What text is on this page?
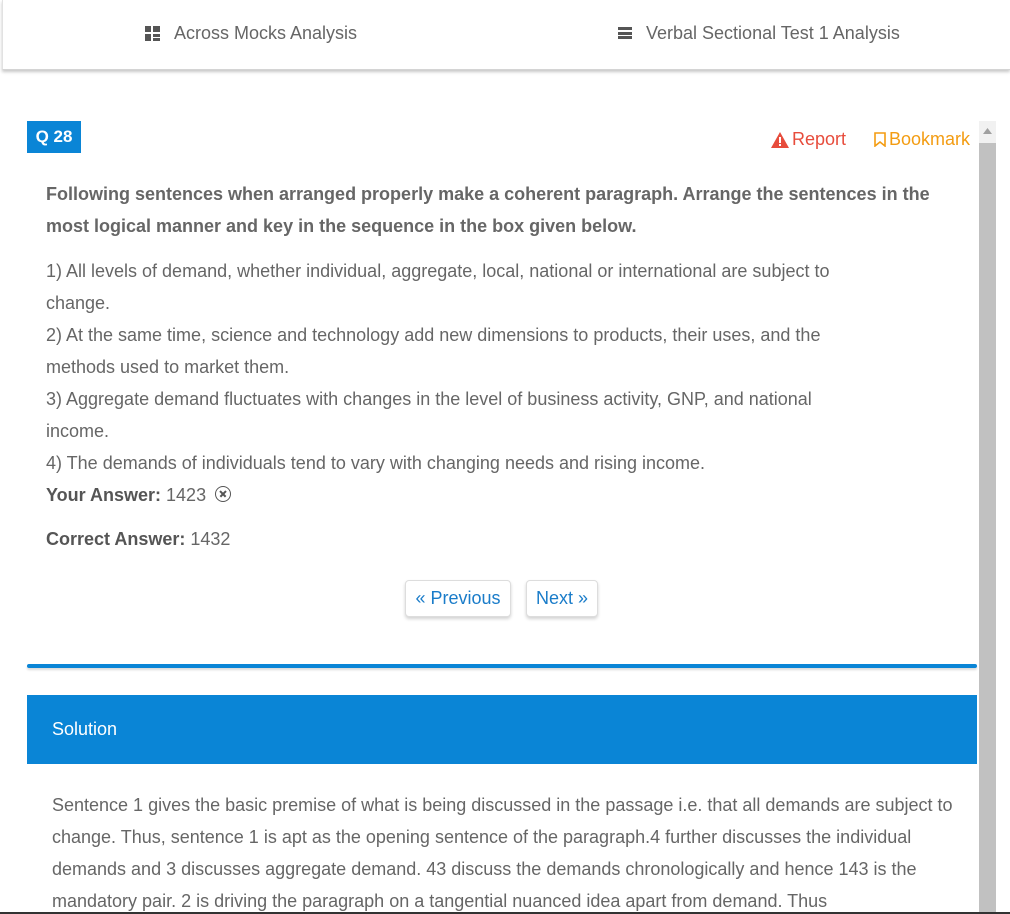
Across Mocks Analysis	Verbal Sectional Test 1 Analysis
Q 28	Report Bookmark
Following sentences when arranged properly make a coherent paragraph. Arrange the sentences in the most logical manner and key in the sequence in the box given below.
1) All levels of demand, whether individual, aggregate, local, national or international are subject to change.
2) At the same time, science and technology add new dimensions to products, their uses, and the methods used to market them.
3) Aggregate demand fluctuates with changes in the level of business activity, GNP, and national income.
4) The demands of individuals tend to vary with changing needs and rising income.
Your Answer: 1423
Correct Answer: 1432
« Previous	Next »
Solution
Sentence 1 gives the basic premise of what is being discussed in the passage i.e. that all demands are subject to change. Thus, sentence 1 is apt as the opening sentence of the paragraph.4 further discusses the individual demands and 3 discusses aggregate demand. 43 discuss the demands chronologically and hence 143 is the mandatory pair. 2 is driving the paragraph on a tangential nuanced idea apart from demand. Thus
